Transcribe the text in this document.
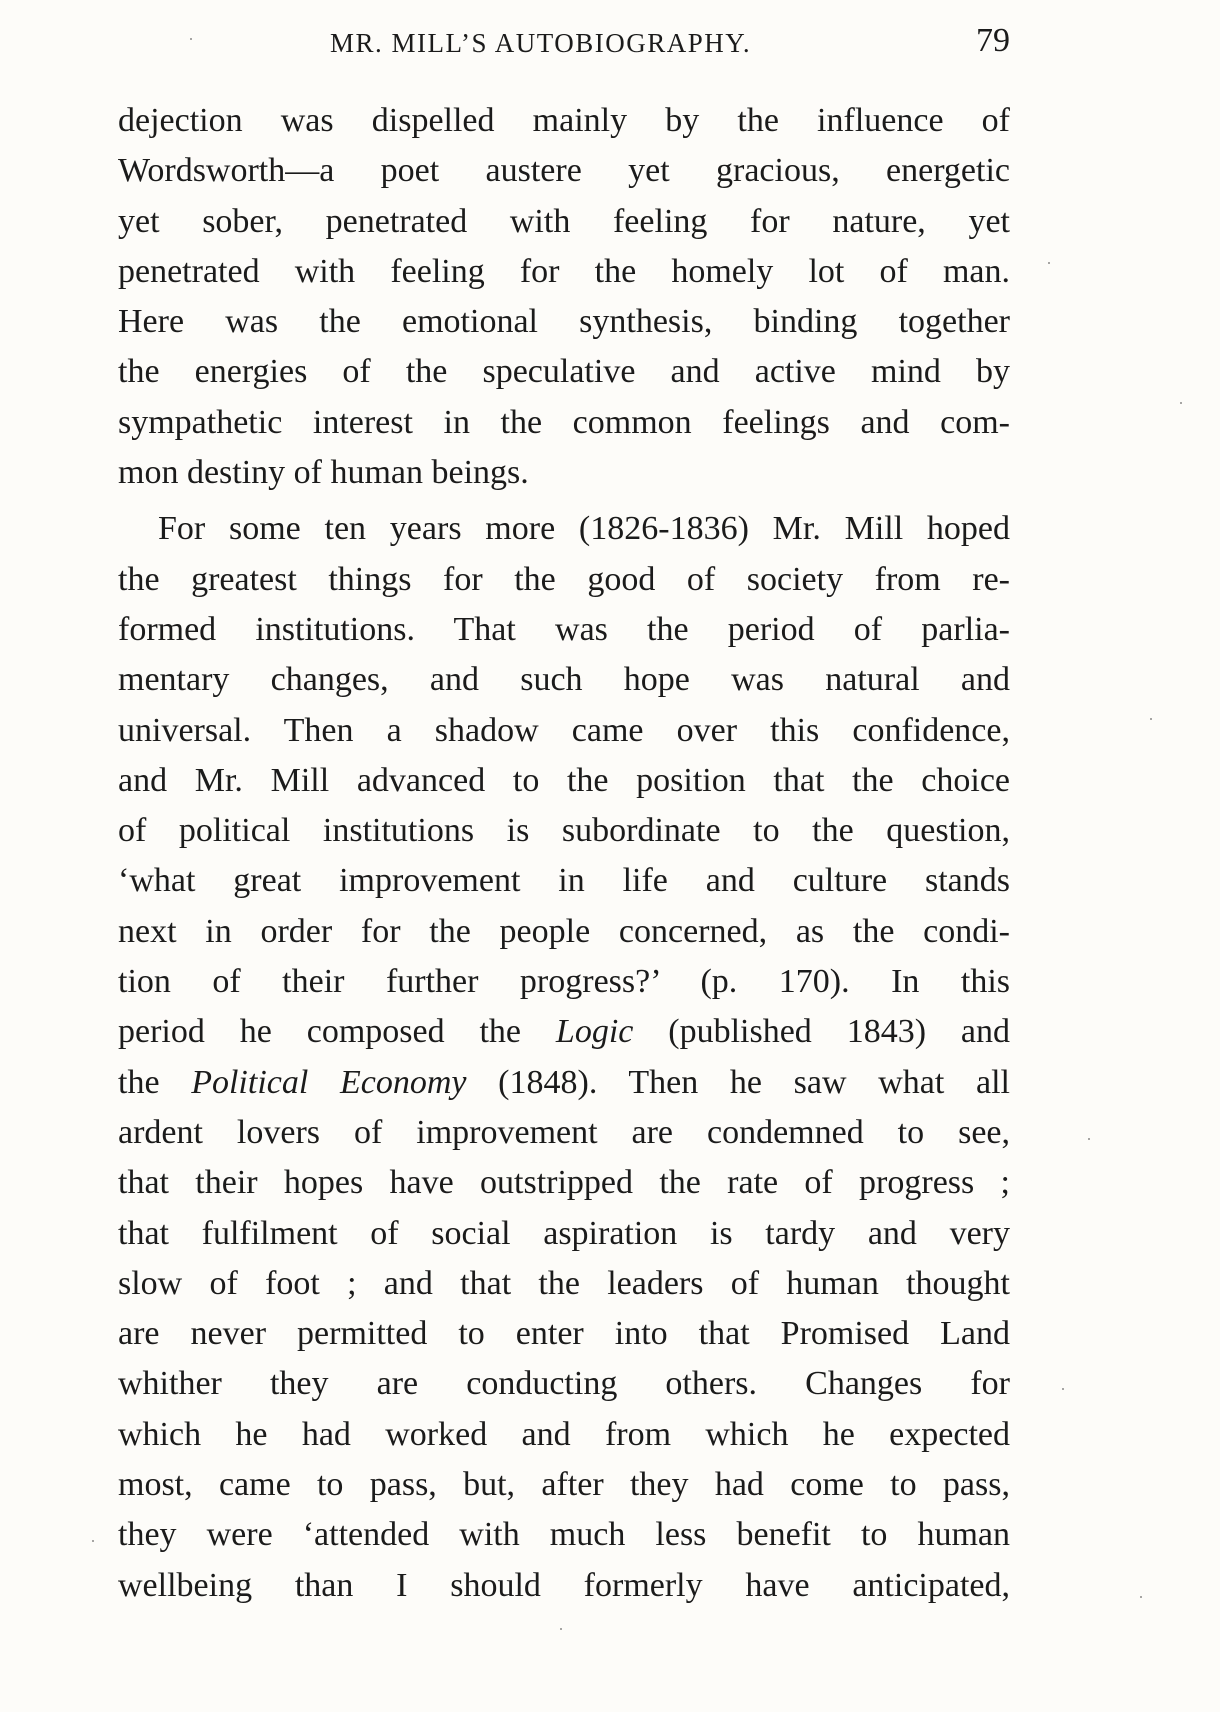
MR. MILL’S AUTOBIOGRAPHY.	79
dejection was dispelled mainly by the influence of
Wordsworth—a poet austere yet gracious, energetic
yet sober, penetrated with feeling for nature, yet
penetrated with feeling for the homely lot of man.
Here was the emotional synthesis, binding together
the energies of the speculative and active mind by
sympathetic interest in the common feelings and com-
mon destiny of human beings.
For some ten years more (1826-1836) Mr. Mill hoped
the greatest things for the good of society from re-
formed institutions. That was the period of parlia-
mentary changes, and such hope was natural and
universal. Then a shadow came over this confidence,
and Mr. Mill advanced to the position that the choice
of political institutions is subordinate to the question,
‘what great improvement in life and culture stands
next in order for the people concerned, as the condi-
tion of their further progress?’ (p. 170). In this
period he composed the Logic (published 1843) and
the Political Economy (1848). Then he saw what all
ardent lovers of improvement are condemned to see,
that their hopes have outstripped the rate of progress ;
that fulfilment of social aspiration is tardy and very
slow of foot ; and that the leaders of human thought
are never permitted to enter into that Promised Land
whither they are conducting others. Changes for
which he had worked and from which he expected
most, came to pass, but, after they had come to pass,
they were ‘attended with much less benefit to human
wellbeing than I should formerly have anticipated,
